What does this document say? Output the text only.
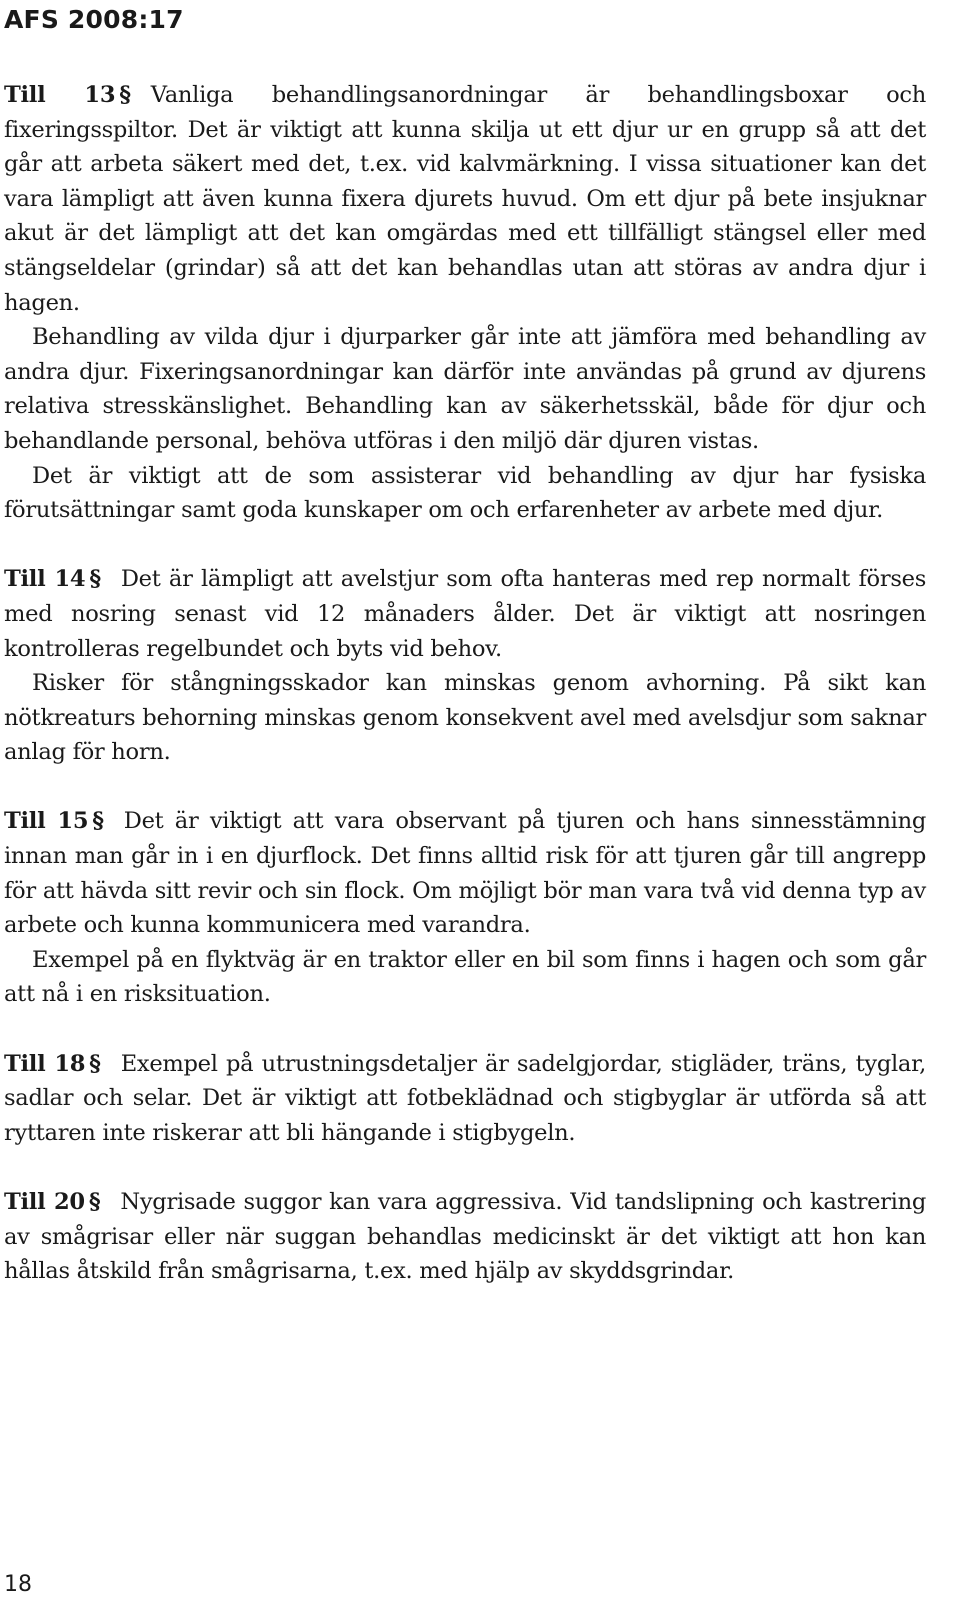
AFS 2008:17

Till 13 § Vanliga behandlingsanordningar är behandlingsboxar och fixeringsspiltor. Det är viktigt att kunna skilja ut ett djur ur en grupp så att det går att arbeta säkert med det, t.ex. vid kalvmärkning. I vissa situationer kan det vara lämpligt att även kunna fixera djurets huvud. Om ett djur på bete insjuknar akut är det lämpligt att det kan omgärdas med ett tillfälligt stängsel eller med stängseldelar (grindar) så att det kan behandlas utan att störas av andra djur i hagen.

Behandling av vilda djur i djurparker går inte att jämföra med behandling av andra djur. Fixeringsanordningar kan därför inte användas på grund av djurens relativa stresskänslighet. Behandling kan av säkerhetsskäl, både för djur och behandlande personal, behöva utföras i den miljö där djuren vistas.

Det är viktigt att de som assisterar vid behandling av djur har fysiska förutsättningar samt goda kunskaper om och erfarenheter av arbete med djur.

Till 14 § Det är lämpligt att avelstjur som ofta hanteras med rep normalt förses med nosring senast vid 12 månaders ålder. Det är viktigt att nosringen kontrolleras regelbundet och byts vid behov.

Risker för stångningsskador kan minskas genom avhorning. På sikt kan nötkreaturs behorning minskas genom konsekvent avel med avelsdjur som saknar anlag för horn.

Till 15 § Det är viktigt att vara observant på tjuren och hans sinnesstämning innan man går in i en djurflock. Det finns alltid risk för att tjuren går till angrepp för att hävda sitt revir och sin flock. Om möjligt bör man vara två vid denna typ av arbete och kunna kommunicera med varandra.

Exempel på en flyktväg är en traktor eller en bil som finns i hagen och som går att nå i en risksituation.

Till 18 § Exempel på utrustningsdetaljer är sadelgjordar, stigläder, träns, tyglar, sadlar och selar. Det är viktigt att fotbeklädnad och stigbyglar är utförda så att ryttaren inte riskerar att bli hängande i stigbygeln.

Till 20 § Nygrisade suggor kan vara aggressiva. Vid tandslipning och kastrering av smågrisar eller när suggan behandlas medicinskt är det viktigt att hon kan hållas åtskild från smågrisarna, t.ex. med hjälp av skyddsgrindar.

18
